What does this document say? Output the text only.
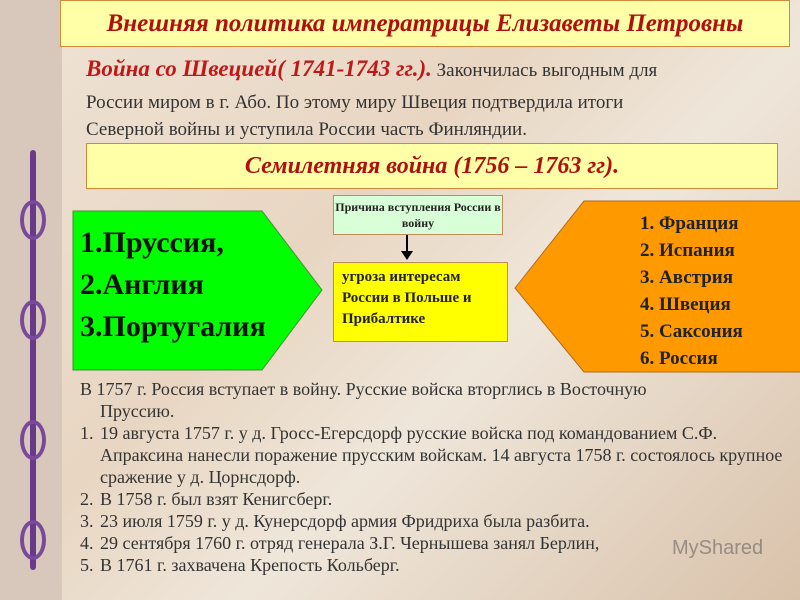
Внешняя политика императрицы Елизаветы Петровны
Война со Швецией( 1741-1743 гг.). Закончилась выгодным для
России миром в г. Або. По этому миру Швеция подтвердила итоги
Северной войны и уступила России часть Финляндии.
Семилетняя война (1756 – 1763 гг).
1.Пруссия,
2.Англия
3.Португалия
Причина вступления России в войну
угроза интересам России в Польше и Прибалтике
1. Франция
2. Испания
3. Австрия
4. Швеция
5. Саксония
6. Россия
В 1757 г. Россия вступает в войну. Русские войска вторглись в Восточную
Пруссию.
1. 19 августа 1757 г. у д. Гросс-Егерсдорф русские войска под командованием С.Ф. Апраксина нанесли поражение прусским войскам. 14 августа 1758 г. состоялось крупное сражение у д. Цорнсдорф.
2. В 1758 г. был взят Кенигсберг.
3. 23 июля 1759 г. у д. Кунерсдорф армия Фридриха была разбита.
4. 29 сентября 1760 г. отряд генерала З.Г. Чернышева занял Берлин,
5. В 1761 г. захвачена Крепость Кольберг.
MyShared
